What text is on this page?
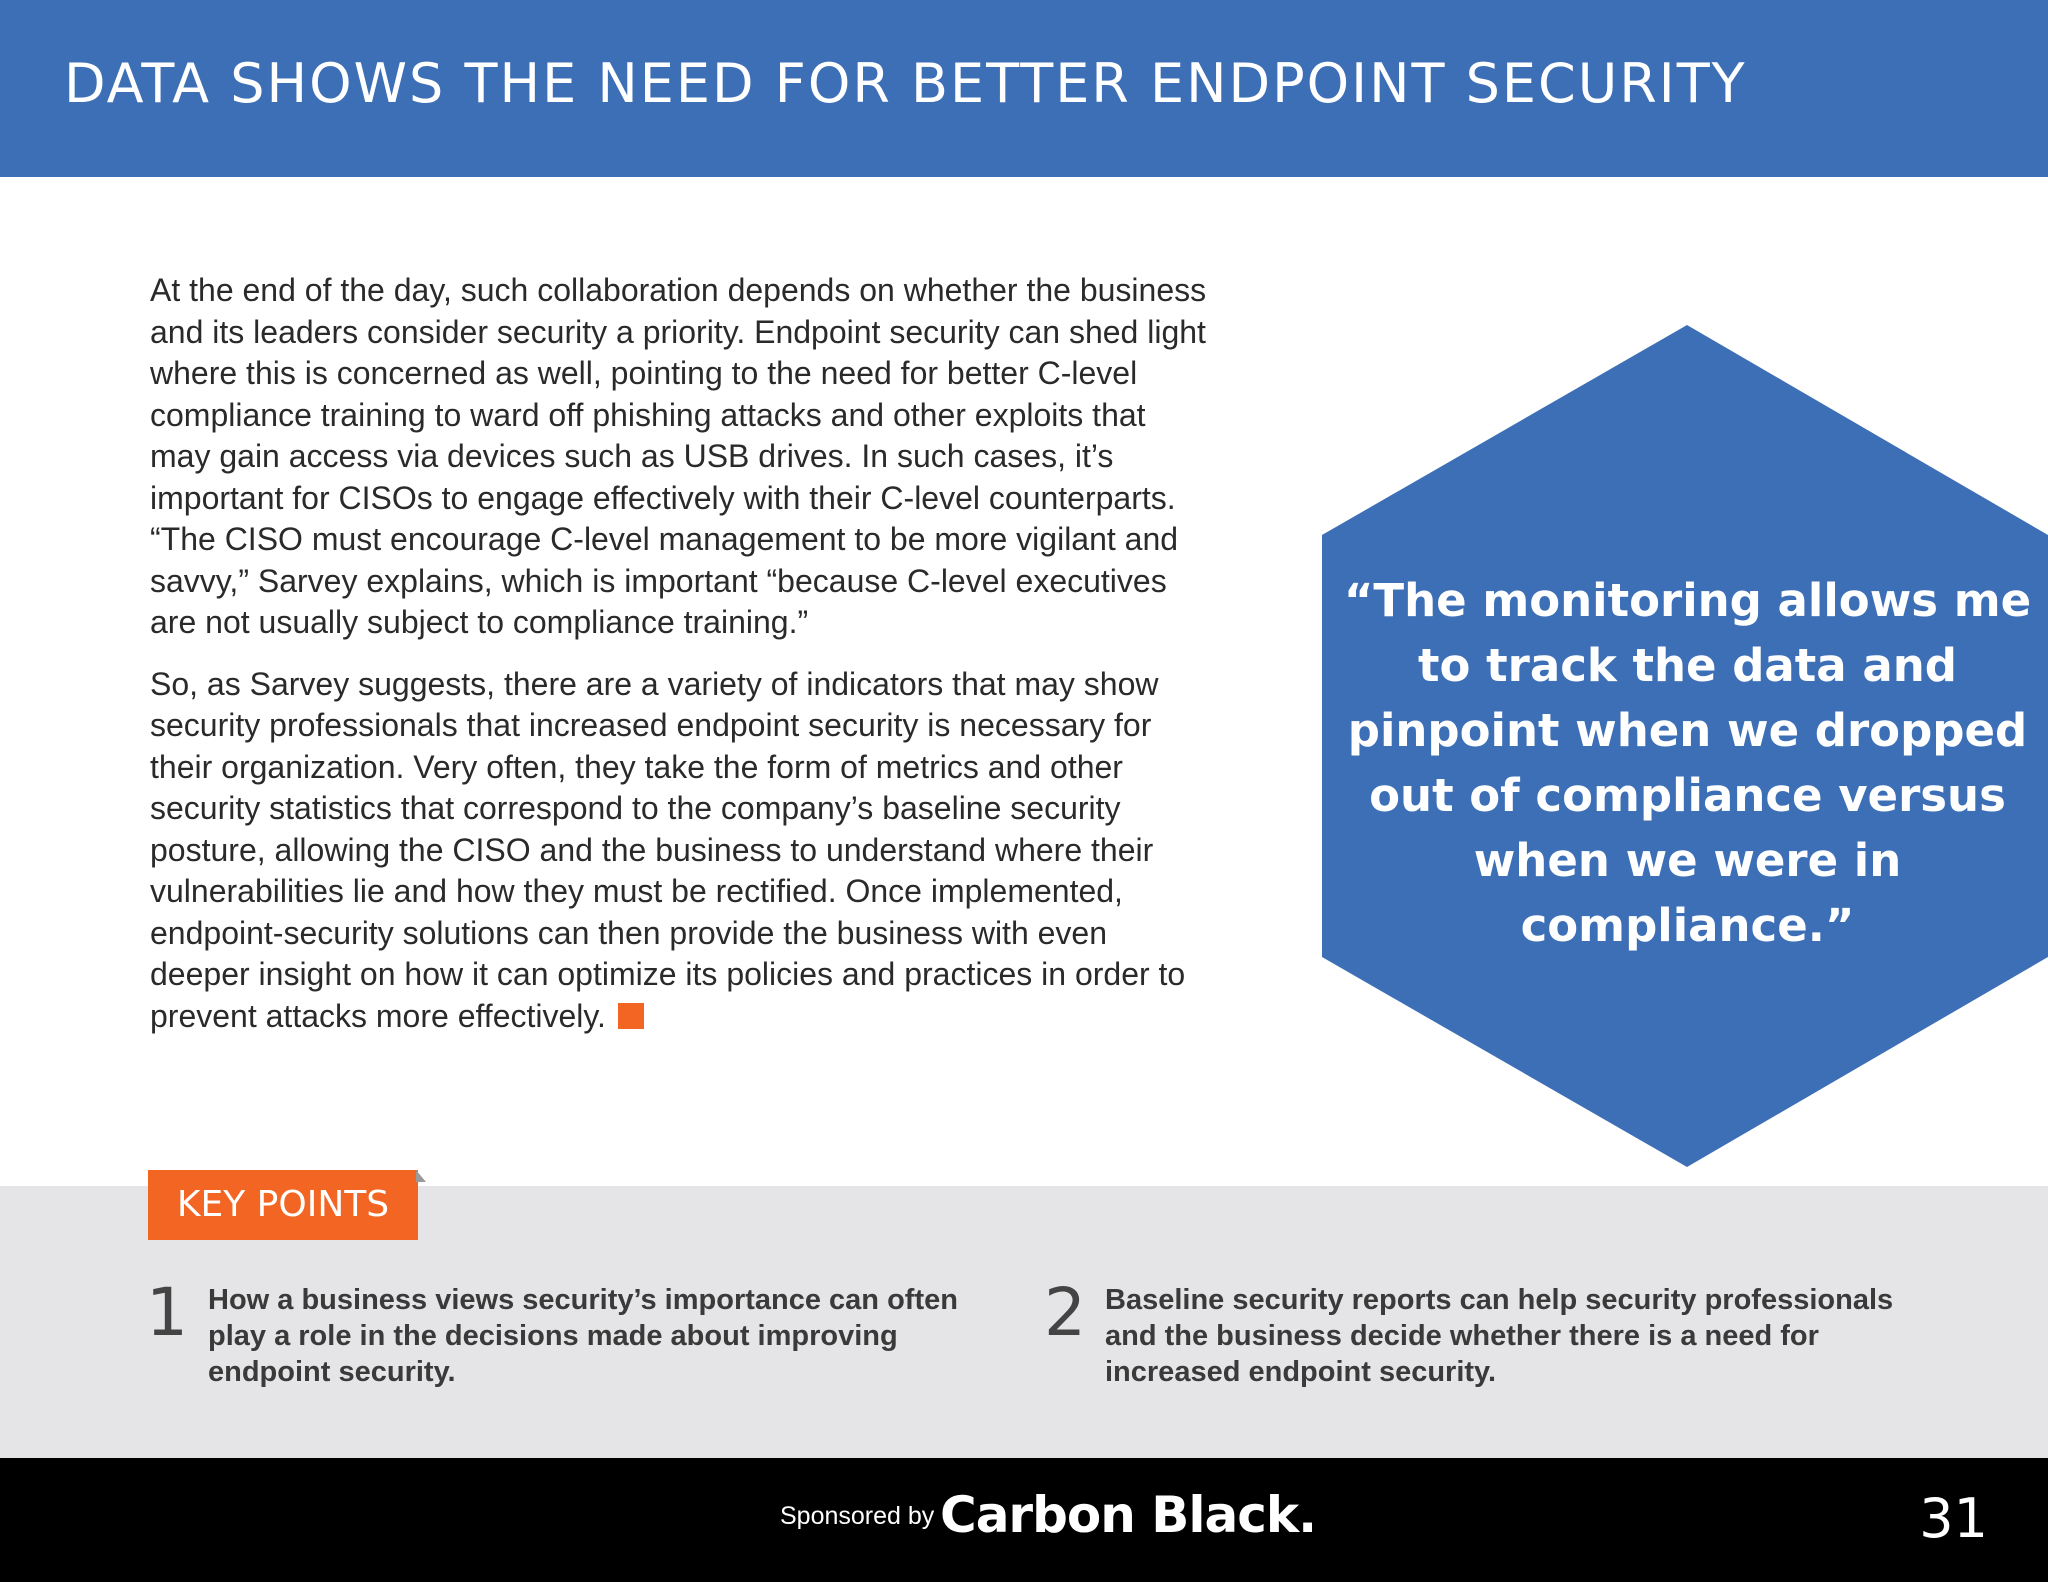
DATA SHOWS THE NEED FOR BETTER ENDPOINT SECURITY

At the end of the day, such collaboration depends on whether the business and its leaders consider security a priority. Endpoint security can shed light where this is concerned as well, pointing to the need for better C-level compliance training to ward off phishing attacks and other exploits that may gain access via devices such as USB drives. In such cases, it’s important for CISOs to engage effectively with their C-level counterparts. “The CISO must encourage C-level management to be more vigilant and savvy,” Sarvey explains, which is important “because C-level executives are not usually subject to compliance training.”

So, as Sarvey suggests, there are a variety of indicators that may show security professionals that increased endpoint security is necessary for their organization. Very often, they take the form of metrics and other security statistics that correspond to the company’s baseline security posture, allowing the CISO and the business to understand where their vulnerabilities lie and how they must be rectified. Once implemented, endpoint-security solutions can then provide the business with even deeper insight on how it can optimize its policies and practices in order to prevent attacks more effectively.

“The monitoring allows me to track the data and pinpoint when we dropped out of compliance versus when we were in compliance.”

KEY POINTS
1 How a business views security’s importance can often play a role in the decisions made about improving endpoint security.

2 Baseline security reports can help security professionals and the business decide whether there is a need for increased endpoint security.

Sponsored by Carbon Black.	31
